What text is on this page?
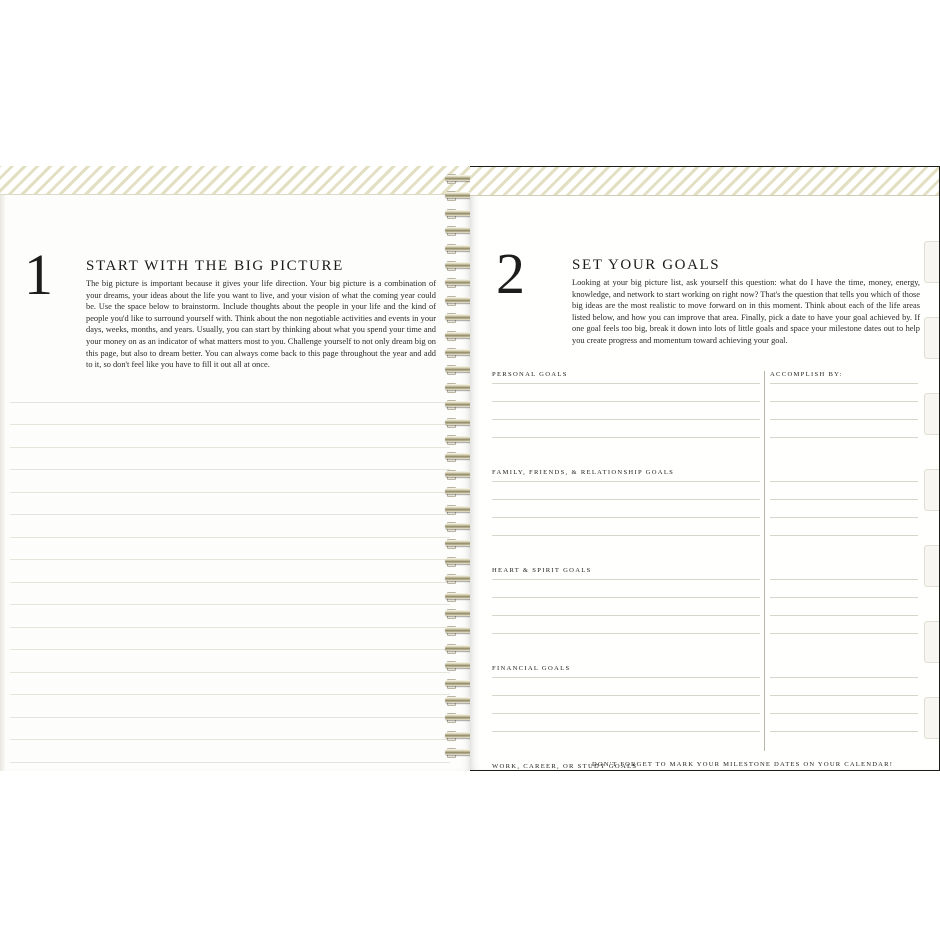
1 START WITH THE BIG PICTURE
The big picture is important because it gives your life direction. Your big picture is a combination of your dreams, your ideas about the life you want to live, and your vision of what the coming year could be. Use the space below to brainstorm. Include thoughts about the people in your life and the kind of people you'd like to surround yourself with. Think about the non negotiable activities and events in your days, weeks, months, and years. Usually, you can start by thinking about what you spend your time and your money on as an indicator of what matters most to you. Challenge yourself to not only dream big on this page, but also to dream better. You can always come back to this page throughout the year and add to it, so don't feel like you have to fill it out all at once.
2	SET YOUR GOALS
Looking at your big picture list, ask yourself this question: what do I have the time, money, energy, knowledge, and network to start working on right now? That's the question that tells you which of those big ideas are the most realistic to move forward on in this moment. Think about each of the life areas listed below, and how you can improve that area. Finally, pick a date to have your goal achieved by. If one goal feels too big, break it down into lots of little goals and space your milestone dates out to help you create progress and momentum toward achieving your goal.
ACCOMPLISH BY:
PERSONAL GOALS
FAMILY, FRIENDS, & RELATIONSHIP GOALS
HEART & SPIRIT GOALS
FINANCIAL GOALS
WORK, CAREER, OR STUDY GOALS
DON'T FORGET TO MARK YOUR MILESTONE DATES ON YOUR CALENDAR!
